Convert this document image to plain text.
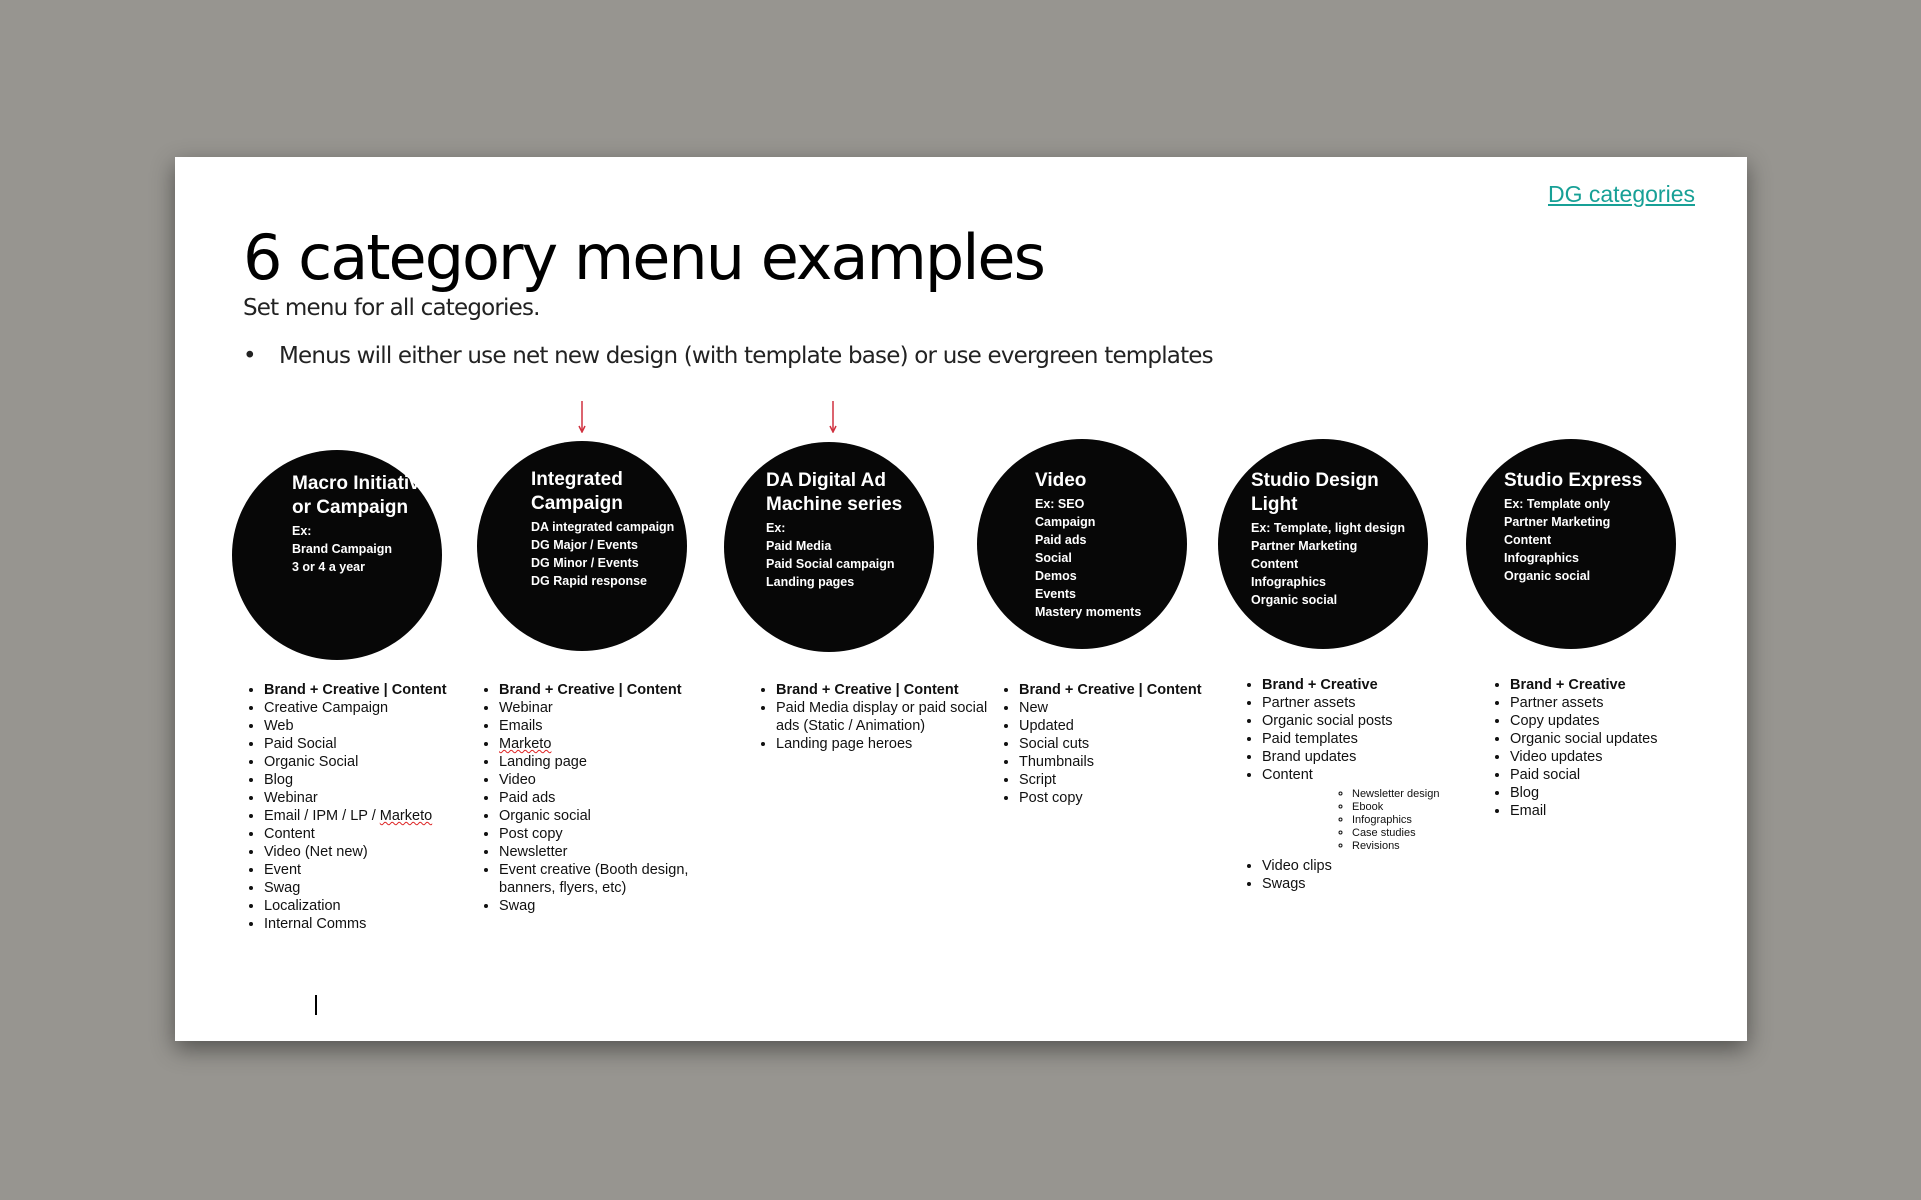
DG categories
6 category menu examples
Set menu for all categories.
• Menus will either use net new design (with template base) or use evergreen templates
Macro Initiative or Campaign
Ex:
Brand Campaign
3 or 4 a year
• Brand + Creative | Content
• Creative Campaign
• Web
• Paid Social
• Organic Social
• Blog
• Webinar
• Email / IPM / LP / Marketo
• Content
• Video (Net new)
• Event
• Swag
• Localization
• Internal Comms
Integrated Campaign
DA integrated campaign
DG Major / Events
DG Minor / Events
DG Rapid response
• Brand + Creative | Content
• Webinar
• Emails
• Marketo
• Landing page
• Video
• Paid ads
• Organic social
• Post copy
• Newsletter
• Event creative (Booth design, banners, flyers, etc)
• Swag
DA Digital Ad Machine series
Ex:
Paid Media
Paid Social campaign
Landing pages
• Brand + Creative | Content
• Paid Media display or paid social ads (Static / Animation)
• Landing page heroes
Video
Ex: SEO
Campaign
Paid ads
Social
Demos
Events
Mastery moments
• Brand + Creative | Content
• New
• Updated
• Social cuts
• Thumbnails
• Script
• Post copy
Studio Design Light
Ex: Template, light design
Partner Marketing
Content
Infographics
Organic social
• Brand + Creative
• Partner assets
• Organic social posts
• Paid templates
• Brand updates
• Content
◦ Newsletter design
◦ Ebook
◦ Infographics
◦ Case studies
◦ Revisions
• Video clips
• Swags
Studio Express
Ex: Template only
Partner Marketing
Content
Infographics
Organic social
• Brand + Creative
• Partner assets
• Copy updates
• Organic social updates
• Video updates
• Paid social
• Blog
• Email
